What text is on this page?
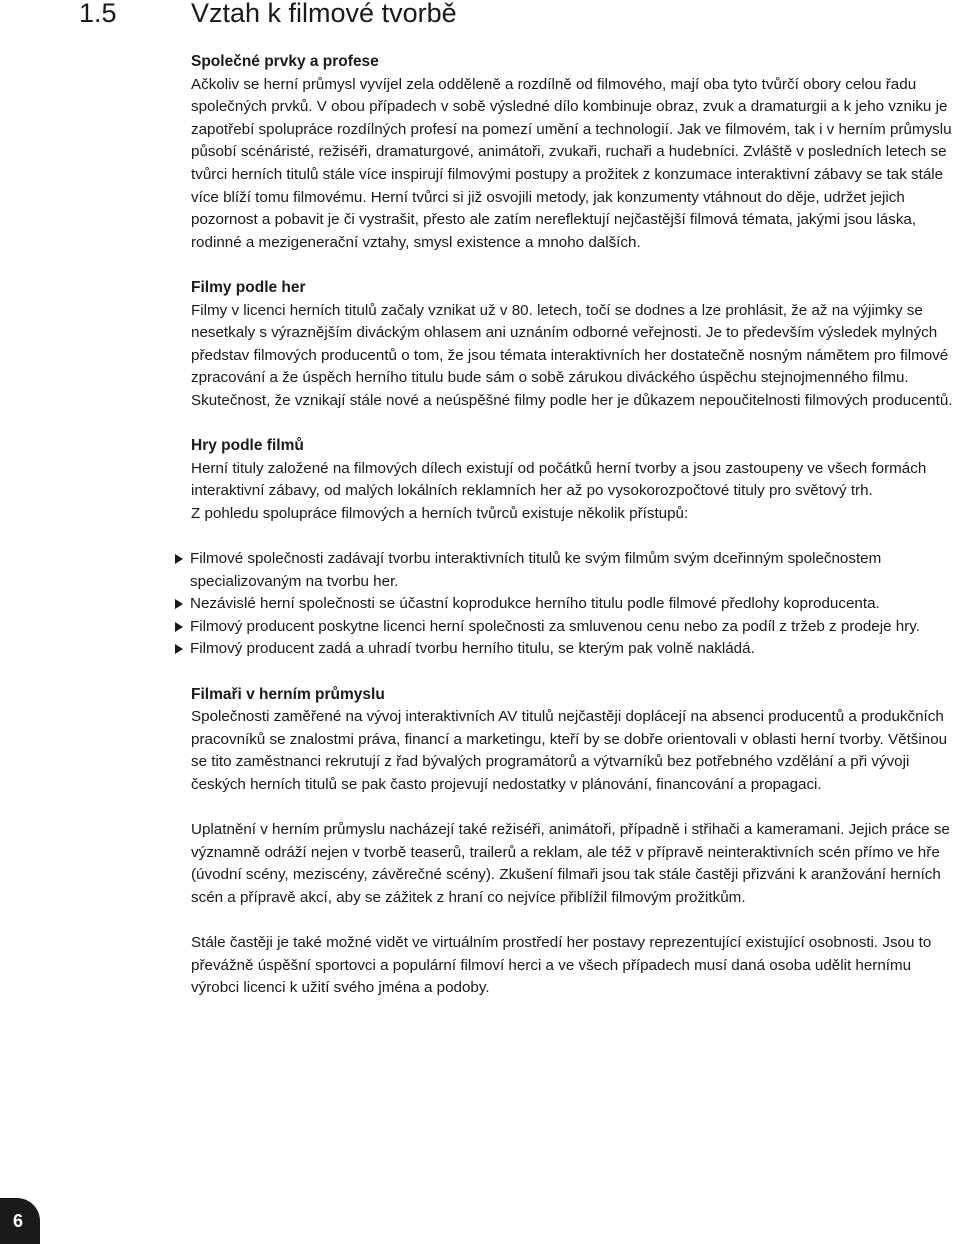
1.5	Vztah k filmové tvorbě
Společné prvky a profese

Ačkoliv se herní průmysl vyvíjel zela odděleně a rozdílně od filmového, mají oba tyto tvůrčí obory celou řadu společných prvků. V obou případech v sobě výsledné dílo kombinuje obraz, zvuk a dramaturgii a k jeho vzniku je zapotřebí spolupráce rozdílných profesí na pomezí umění a technologií. Jak ve filmovém, tak i v herním průmyslu působí scénáristé, režiséři, dramaturgové, animátoři, zvukaři, ruchaři a hudebníci. Zvláště v posledních letech se tvůrci herních titulů stále více inspirují filmovými postupy a prožitek z konzumace interaktivní zábavy se tak stále více blíží tomu filmovému. Herní tvůrci si již osvojili metody, jak konzumenty vtáhnout do děje, udržet jejich pozornost a pobavit je či vystrašit, přesto ale zatím nereflektují nejčastější filmová témata, jakými jsou láska, rodinné a mezigenerační vztahy, smysl existence a mnoho dalších.

Filmy podle her

Filmy v licenci herních titulů začaly vznikat už v 80. letech, točí se dodnes a lze prohlásit, že až na výjimky se nesetkaly s výraznějším diváckým ohlasem ani uznáním odborné veřejnosti. Je to především výsledek mylných představ filmových producentů o tom, že jsou témata interaktivních her dostatečně nosným námětem pro filmové zpracování a že úspěch herního titulu bude sám o sobě zárukou diváckého úspěchu stejnojmenného filmu. Skutečnost, že vznikají stále nové a neúspěšné filmy podle her je důkazem nepoučitelnosti filmových producentů.

Hry podle filmů

Herní tituly založené na filmových dílech existují od počátků herní tvorby a jsou zastoupeny ve všech formách interaktivní zábavy, od malých lokálních reklamních her až po vysokorozpočtové tituly pro světový trh.

Z pohledu spolupráce filmových a herních tvůrců existuje několik přístupů:

Filmové společnosti zadávají tvorbu interaktivních titulů ke svým filmům svým dceřinným společnostem specializovaným na tvorbu her.
Nezávislé herní společnosti se účastní koprodukce herního titulu podle filmové předlohy koproducenta.
Filmový producent poskytne licenci herní společnosti za smluvenou cenu nebo za podíl z tržeb z prodeje hry.
Filmový producent zadá a uhradí tvorbu herního titulu, se kterým pak volně nakládá.
Filmaři v herním průmyslu

Společnosti zaměřené na vývoj interaktivních AV titulů nejčastěji doplácejí na absenci producentů a produkčních pracovníků se znalostmi práva, financí a marketingu, kteří by se dobře orientovali v oblasti herní tvorby. Většinou se tito zaměstnanci rekrutují z řad bývalých programátorů a výtvarníků bez potřebného vzdělání a při vývoji českých herních titulů se pak často projevují nedostatky v plánování, financování a propagaci.

Uplatnění v herním průmyslu nacházejí také režiséři, animátoři, případně i střihači a kameramani. Jejich práce se významně odráží nejen v tvorbě teaserů, trailerů a reklam, ale též v přípravě neinteraktivních scén přímo ve hře (úvodní scény, meziscény, závěrečné scény). Zkušení filmaři jsou tak stále častěji přizváni k aranžování herních scén a přípravě akcí, aby se zážitek z hraní co nejvíce přiblížil filmovým prožitkům.

Stále častěji je také možné vidět ve virtuálním prostředí her postavy reprezentující existující osobnosti. Jsou to převážně úspěšní sportovci a populární filmoví herci a ve všech případech musí daná osoba udělit hernímu výrobci licenci k užití svého jména a podoby.

6
